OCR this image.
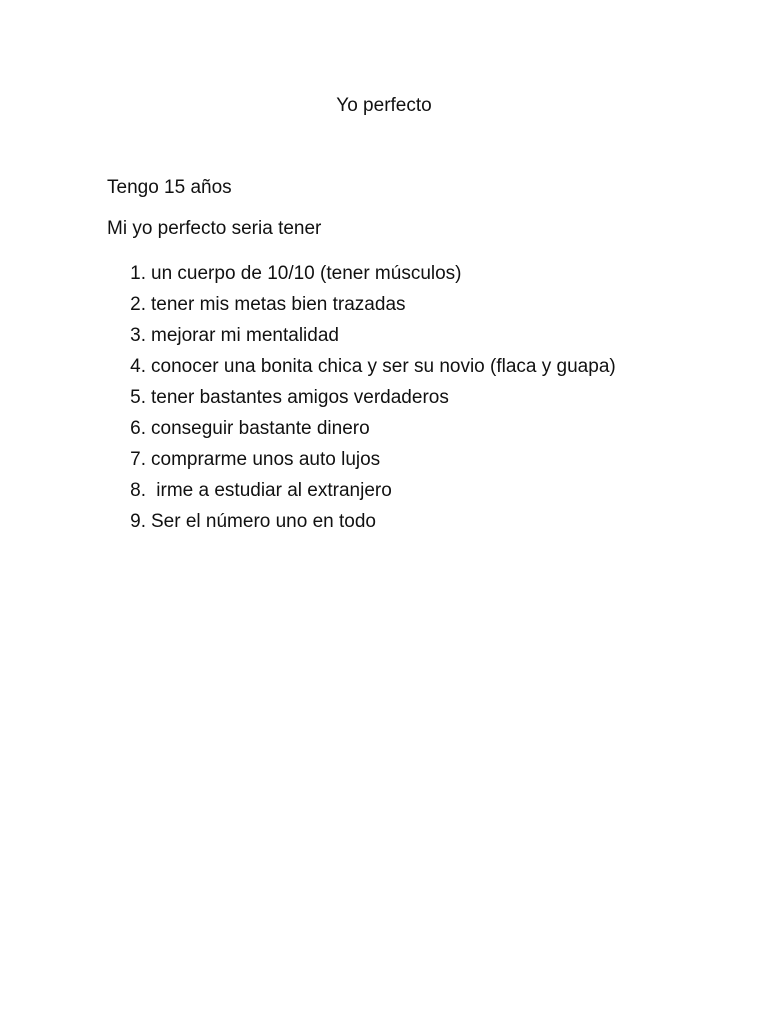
Yo perfecto

Tengo 15 años

Mi yo perfecto seria tener

1. un cuerpo de 10/10 (tener músculos)
2. tener mis metas bien trazadas
3. mejorar mi mentalidad
4. conocer una bonita chica y ser su novio (flaca y guapa)
5. tener bastantes amigos verdaderos
6. conseguir bastante dinero
7. comprarme unos auto lujos
8. irme a estudiar al extranjero
9. Ser el número uno en todo
